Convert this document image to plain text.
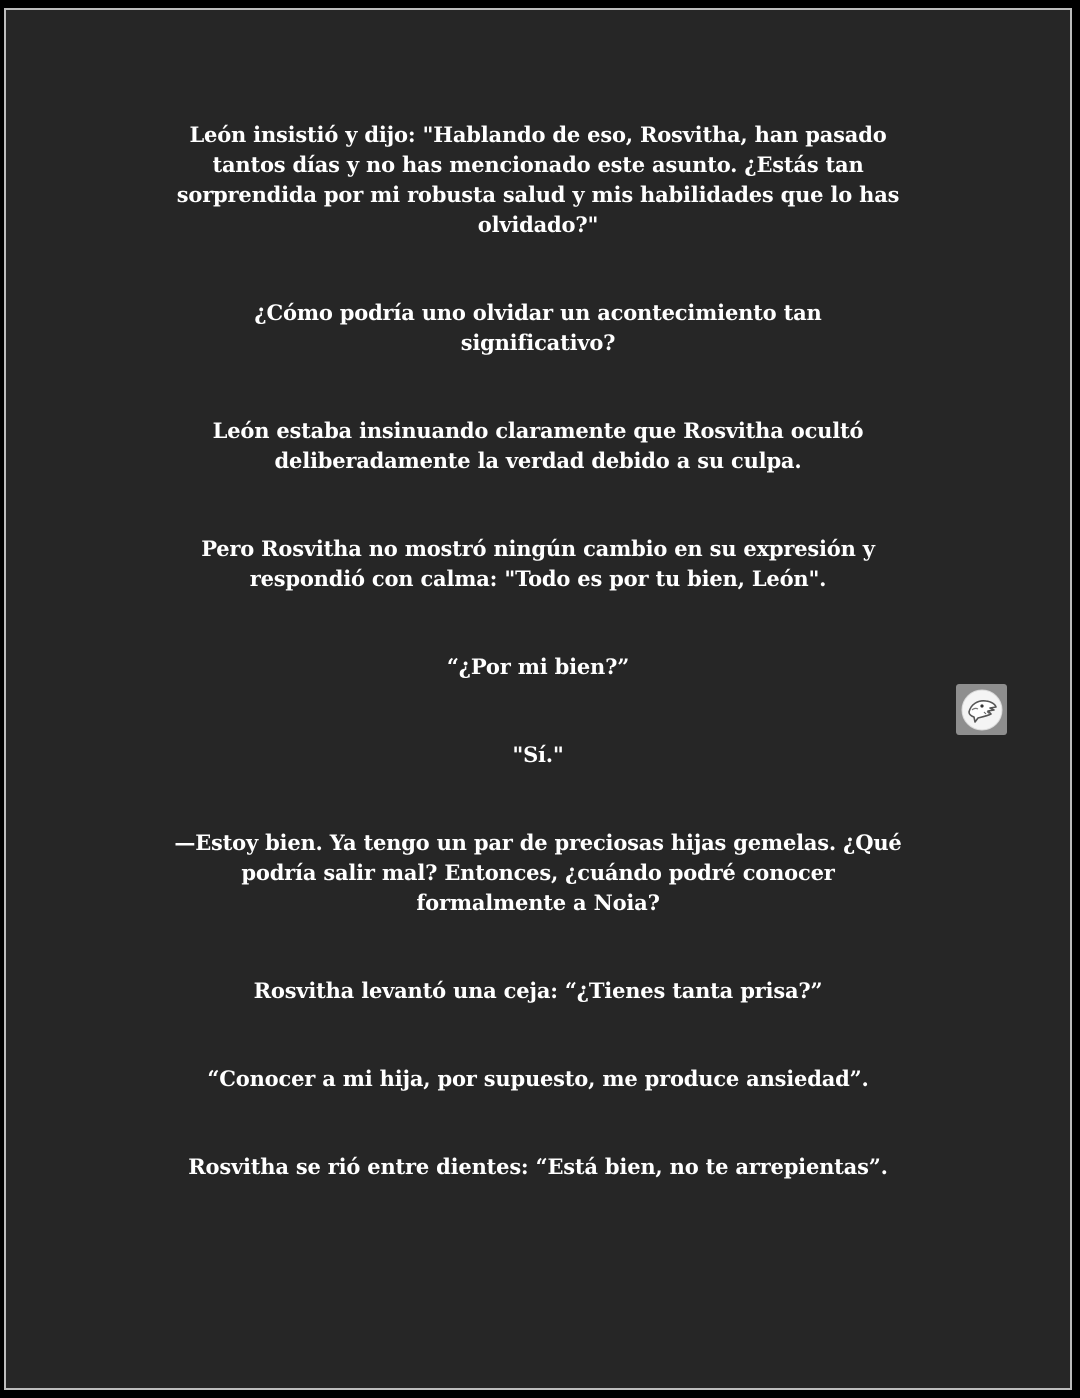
León insistió y dijo: "Hablando de eso, Rosvitha, han pasado
tantos días y no has mencionado este asunto. ¿Estás tan
sorprendida por mi robusta salud y mis habilidades que lo has
olvidado?"

¿Cómo podría uno olvidar un acontecimiento tan
significativo?

León estaba insinuando claramente que Rosvitha ocultó
deliberadamente la verdad debido a su culpa.

Pero Rosvitha no mostró ningún cambio en su expresión y
respondió con calma: "Todo es por tu bien, León".

“¿Por mi bien?”

"Sí."

—Estoy bien. Ya tengo un par de preciosas hijas gemelas. ¿Qué
podría salir mal? Entonces, ¿cuándo podré conocer
formalmente a Noia?

Rosvitha levantó una ceja: “¿Tienes tanta prisa?”

“Conocer a mi hija, por supuesto, me produce ansiedad”.

Rosvitha se rió entre dientes: “Está bien, no te arrepientas”.
